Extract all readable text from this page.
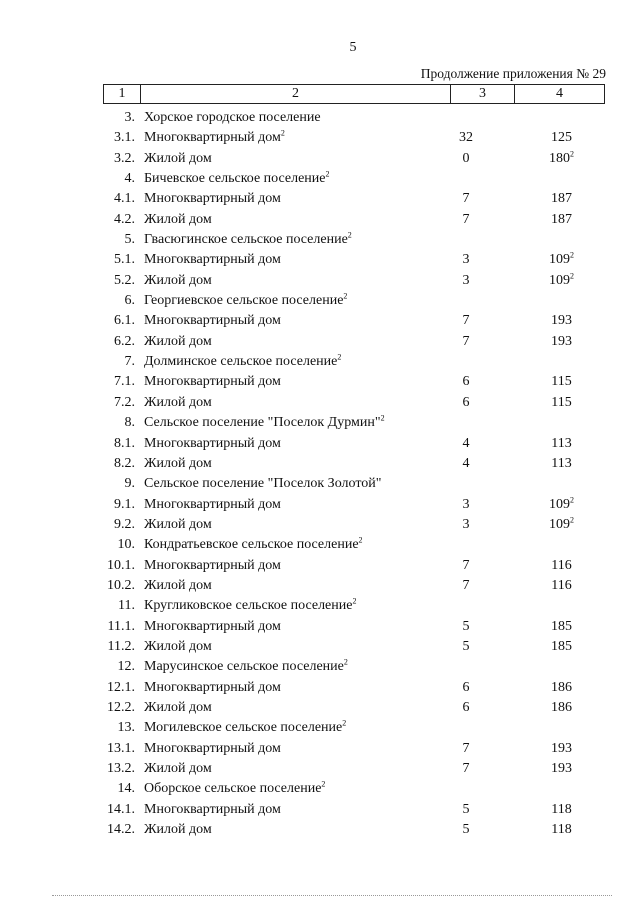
5
Продолжение приложения № 29
1	2	3	4
3. Хорское городское поселение
3.1. Многоквартирный дом$^2$	32	125
3.2. Жилой дом	0	$180^2$
4. Бичевское сельское поселение$^2$
4.1. Многоквартирный дом	7	187
4.2. Жилой дом	7	187
5. Гвасюгинское сельское поселение$^2$
5.1. Многоквартирный дом	3	$109^2$
5.2. Жилой дом	3	$109^2$
6. Георгиевское сельское поселение$^2$
6.1. Многоквартирный дом	7	193
6.2. Жилой дом	7	193
7. Долминское сельское поселение$^2$
7.1. Многоквартирный дом	6	115
7.2. Жилой дом	6	115
8. Сельское поселение "Поселок Дурмин"$^2$
8.1. Многоквартирный дом	4	113
8.2. Жилой дом	4	113
9. Сельское поселение "Поселок Золотой"
9.1. Многоквартирный дом	3	$109^2$
9.2. Жилой дом	3	$109^2$
10. Кондратьевское сельское поселение$^2$
10.1. Многоквартирный дом	7	116
10.2. Жилой дом	7	116
11. Кругликовское сельское поселение$^2$
11.1. Многоквартирный дом	5	185
11.2. Жилой дом	5	185
12. Марусинское сельское поселение$^2$
12.1. Многоквартирный дом	6	186
12.2. Жилой дом	6	186
13. Могилевское сельское поселение$^2$
13.1. Многоквартирный дом	7	193
13.2. Жилой дом	7	193
14. Оборское сельское поселение$^2$
14.1. Многоквартирный дом	5	118
14.2. Жилой дом	5	118
